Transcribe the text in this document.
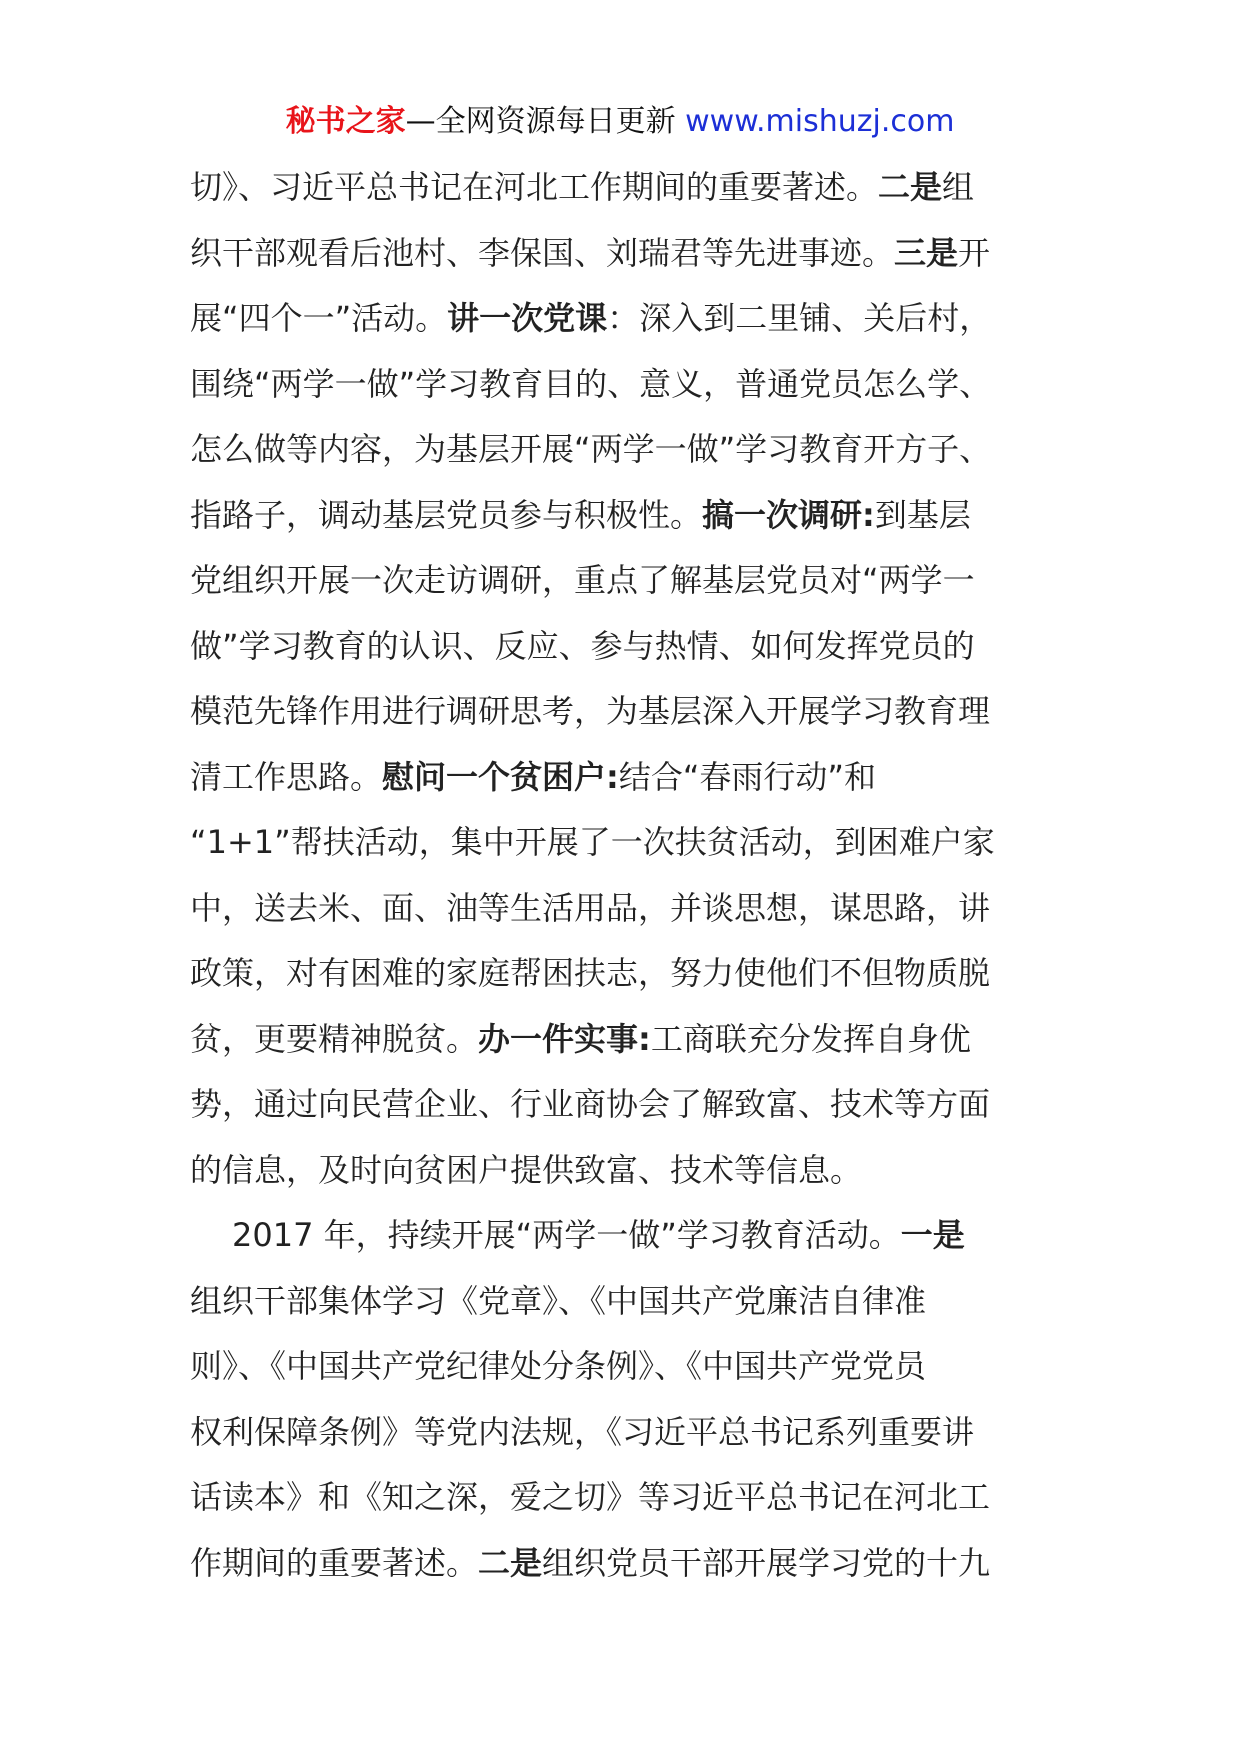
秘书之家—全网资源每日更新 www.mishuzj.com
切》、习近平总书记在河北工作期间的重要著述。二是组
织干部观看后池村、李保国、刘瑞君等先进事迹。三是开
展“四个一”活动。讲一次党课：深入到二里铺、关后村，
围绕“两学一做”学习教育目的、意义，普通党员怎么学、
怎么做等内容，为基层开展“两学一做”学习教育开方子、
指路子，调动基层党员参与积极性。搞一次调研:到基层
党组织开展一次走访调研，重点了解基层党员对“两学一
做”学习教育的认识、反应、参与热情、如何发挥党员的
模范先锋作用进行调研思考，为基层深入开展学习教育理
清工作思路。慰问一个贫困户:结合“春雨行动”和
“1+1”帮扶活动，集中开展了一次扶贫活动，到困难户家
中，送去米、面、油等生活用品，并谈思想，谋思路，讲
政策，对有困难的家庭帮困扶志，努力使他们不但物质脱
贫，更要精神脱贫。办一件实事:工商联充分发挥自身优
势，通过向民营企业、行业商协会了解致富、技术等方面
的信息，及时向贫困户提供致富、技术等信息。
2017 年，持续开展“两学一做”学习教育活动。一是
组织干部集体学习《党章》、《中国共产党廉洁自律准
则》、《中国共产党纪律处分条例》、《中国共产党党员
权利保障条例》等党内法规，《习近平总书记系列重要讲
话读本》和《知之深，爱之切》等习近平总书记在河北工
作期间的重要著述。二是组织党员干部开展学习党的十九
